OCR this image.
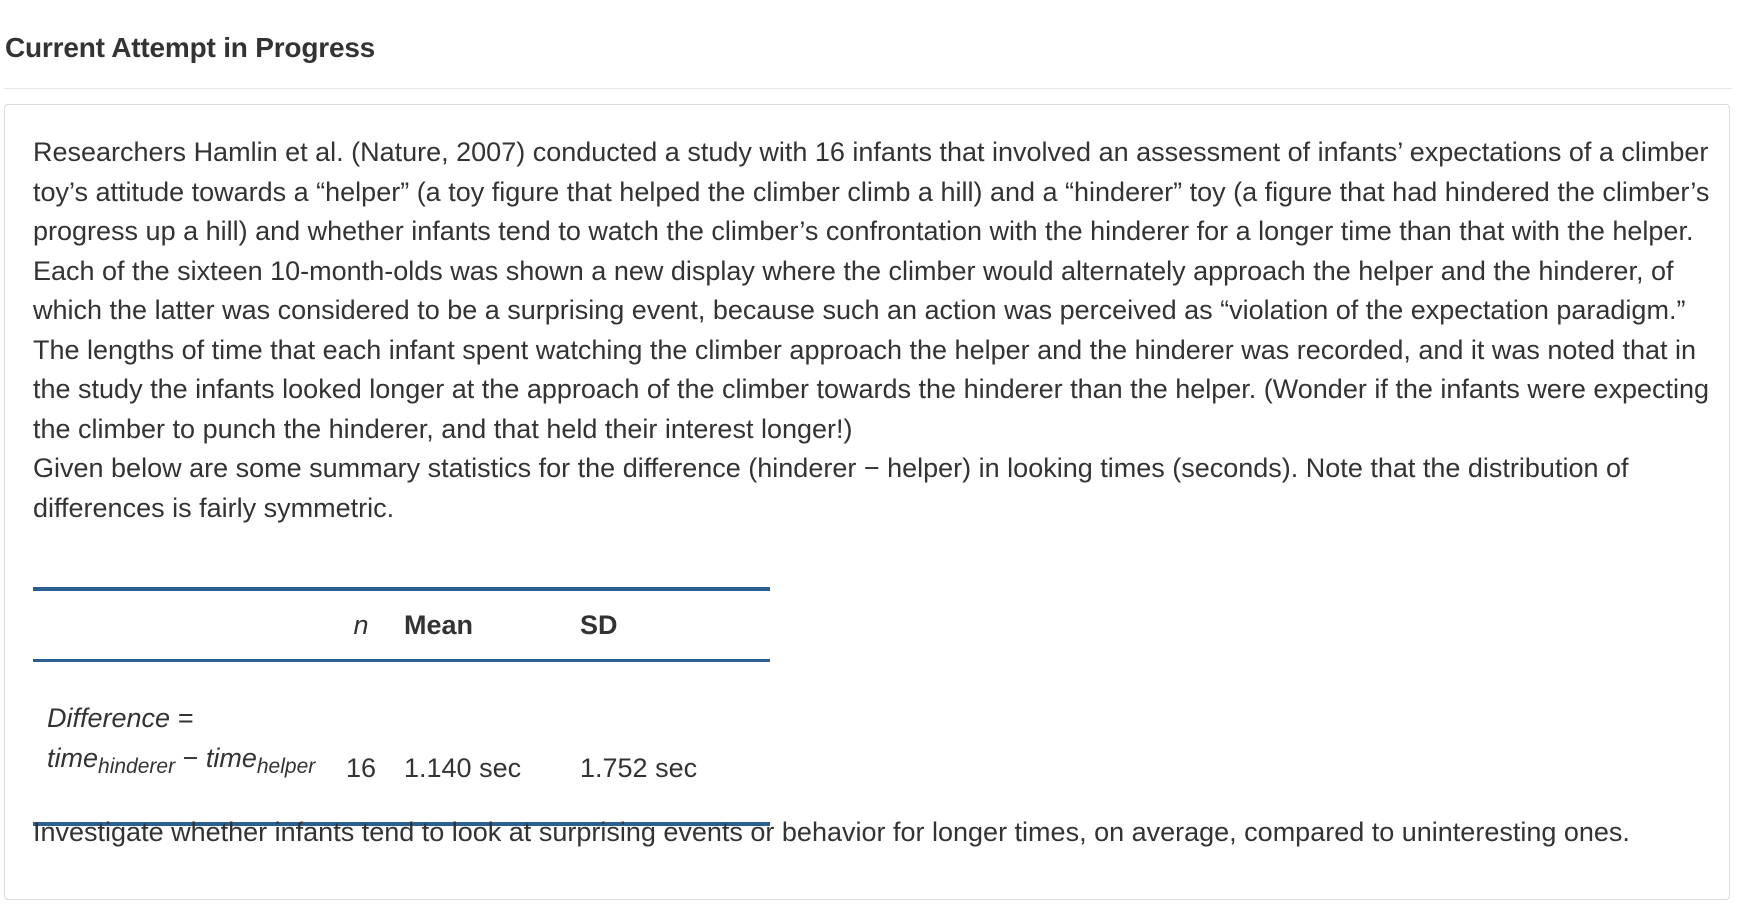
Current Attempt in Progress

Researchers Hamlin et al. (Nature, 2007) conducted a study with 16 infants that involved an assessment of infants’ expectations of a climber toy’s attitude towards a “helper” (a toy figure that helped the climber climb a hill) and a “hinderer” toy (a figure that had hindered the climber’s progress up a hill) and whether infants tend to watch the climber’s confrontation with the hinderer for a longer time than that with the helper. Each of the sixteen 10-month-olds was shown a new display where the climber would alternately approach the helper and the hinderer, of which the latter was considered to be a surprising event, because such an action was perceived as “violation of the expectation paradigm.” The lengths of time that each infant spent watching the climber approach the helper and the hinderer was recorded, and it was noted that in the study the infants looked longer at the approach of the climber towards the hinderer than the helper. (Wonder if the infants were expecting the climber to punch the hinderer, and that held their interest longer!)

Given below are some summary statistics for the difference (hinderer − helper) in looking times (seconds). Note that the distribution of differences is fairly symmetric.

	n	Mean	SD

Difference =
time$_{hinderer}$ − time$_{helper}$	16	1.140 sec	1.752 sec
Investigate whether infants tend to look at surprising events or behavior for longer times, on average, compared to uninteresting ones.
